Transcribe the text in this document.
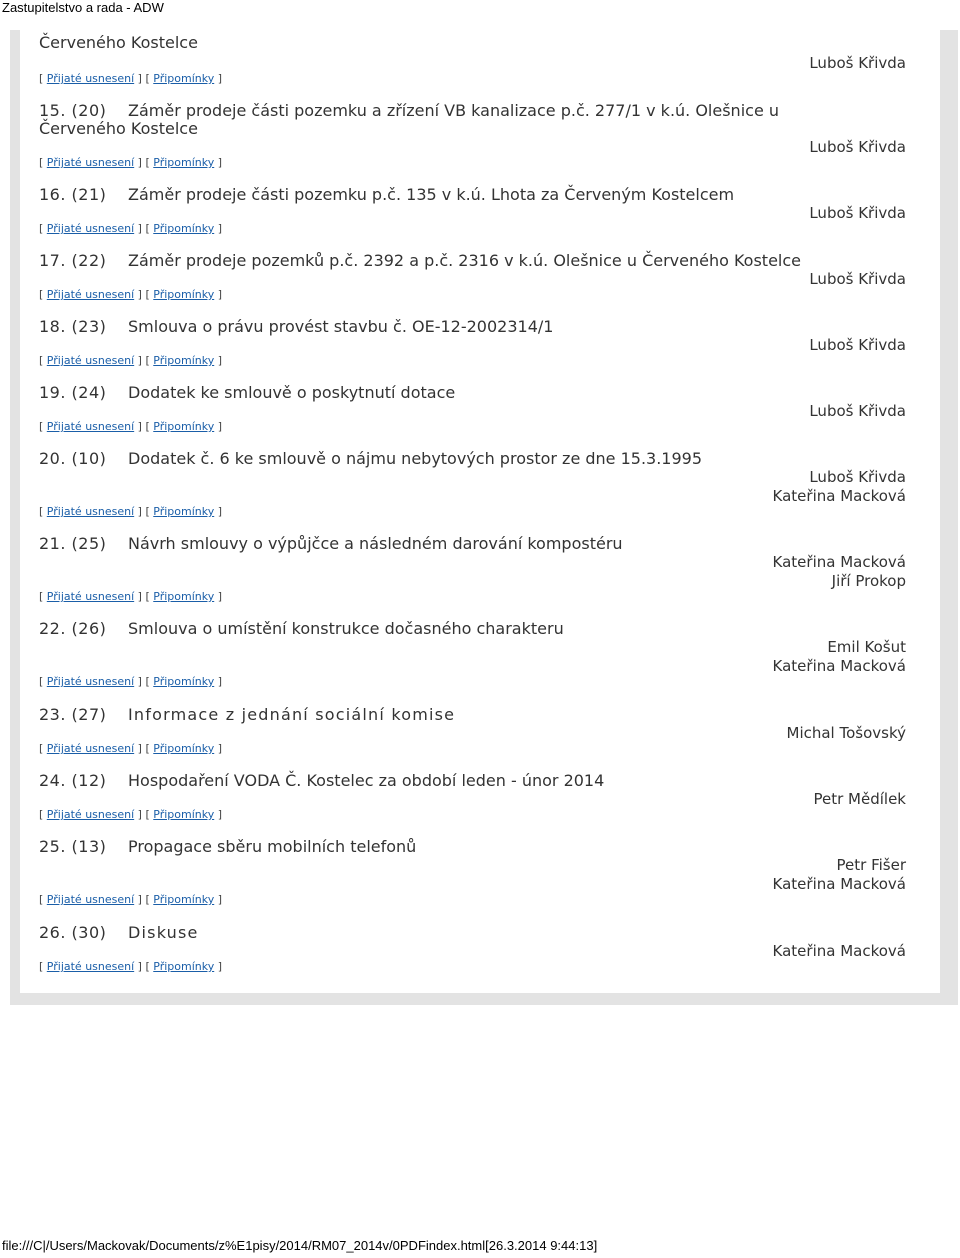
Zastupitelstvo a rada - ADW
Červeného Kostelce
Luboš Křivda
[ Přijaté usnesení ] [ Připomínky ]
15. (20) Záměr prodeje části pozemku a zřízení VB kanalizace p.č. 277/1 v k.ú. Olešnice u
Červeného Kostelce
Luboš Křivda
[ Přijaté usnesení ] [ Připomínky ]
16. (21) Záměr prodeje části pozemku p.č. 135 v k.ú. Lhota za Červeným Kostelcem
Luboš Křivda
[ Přijaté usnesení ] [ Připomínky ]
17. (22) Záměr prodeje pozemků p.č. 2392 a p.č. 2316 v k.ú. Olešnice u Červeného Kostelce
Luboš Křivda
[ Přijaté usnesení ] [ Připomínky ]
18. (23) Smlouva o právu provést stavbu č. OE-12-2002314/1
Luboš Křivda
[ Přijaté usnesení ] [ Připomínky ]
19. (24) Dodatek ke smlouvě o poskytnutí dotace
Luboš Křivda
[ Přijaté usnesení ] [ Připomínky ]
20. (10) Dodatek č. 6 ke smlouvě o nájmu nebytových prostor ze dne 15.3.1995
Luboš Křivda
Kateřina Macková
[ Přijaté usnesení ] [ Připomínky ]
21. (25) Návrh smlouvy o výpůjčce a následném darování kompostéru
Kateřina Macková
Jiří Prokop
[ Přijaté usnesení ] [ Připomínky ]
22. (26) Smlouva o umístění konstrukce dočasného charakteru
Emil Košut
Kateřina Macková
[ Přijaté usnesení ] [ Připomínky ]
23. (27) Informace z jednání sociální komise
Michal Tošovský
[ Přijaté usnesení ] [ Připomínky ]
24. (12) Hospodaření VODA Č. Kostelec za období leden - únor 2014
Petr Mědílek
[ Přijaté usnesení ] [ Připomínky ]
25. (13) Propagace sběru mobilních telefonů
Petr Fišer
Kateřina Macková
[ Přijaté usnesení ] [ Připomínky ]
26. (30) Diskuse
Kateřina Macková
[ Přijaté usnesení ] [ Připomínky ]
file:///C|/Users/Mackovak/Documents/z%E1pisy/2014/RM07_2014v/0PDFindex.html[26.3.2014 9:44:13]
